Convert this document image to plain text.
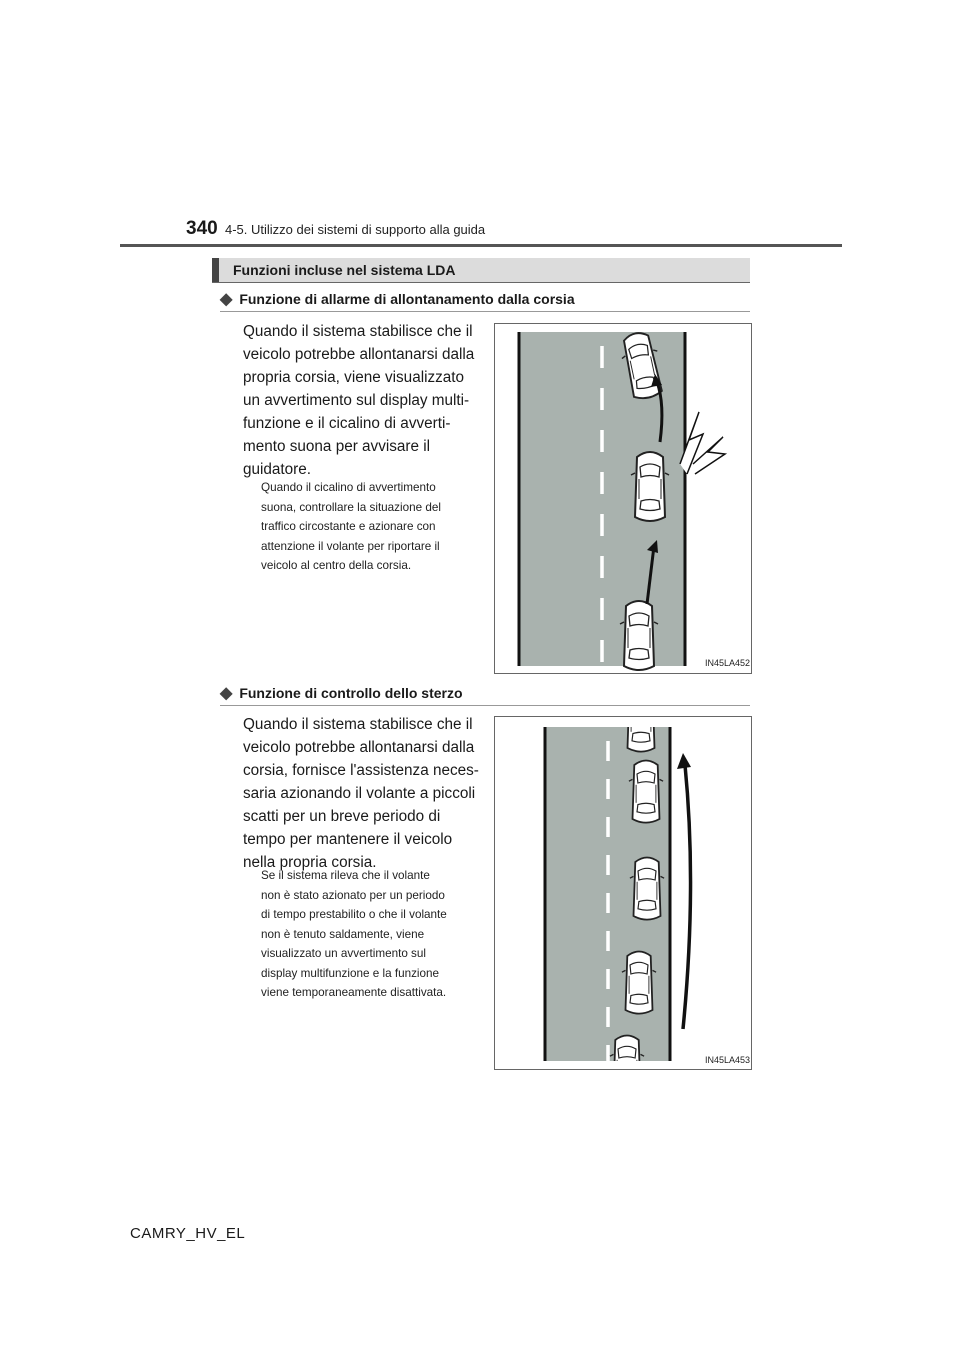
340 4-5. Utilizzo dei sistemi di supporto alla guida
Funzioni incluse nel sistema LDA
◆ Funzione di allarme di allontanamento dalla corsia
Quando il sistema stabilisce che il
veicolo potrebbe allontanarsi dalla
propria corsia, viene visualizzato
un avvertimento sul display multi-
funzione e il cicalino di avverti-
mento suona per avvisare il
guidatore.
Quando il cicalino di avvertimento
suona, controllare la situazione del
traffico circostante e azionare con
attenzione il volante per riportare il
veicolo al centro della corsia.
IN45LA452
◆ Funzione di controllo dello sterzo
Quando il sistema stabilisce che il
veicolo potrebbe allontanarsi dalla
corsia, fornisce l'assistenza neces-
saria azionando il volante a piccoli
scatti per un breve periodo di
tempo per mantenere il veicolo
nella propria corsia.
Se il sistema rileva che il volante
non è stato azionato per un periodo
di tempo prestabilito o che il volante
non è tenuto saldamente, viene
visualizzato un avvertimento sul
display multifunzione e la funzione
viene temporaneamente disattivata.
IN45LA453
CAMRY_HV_EL
